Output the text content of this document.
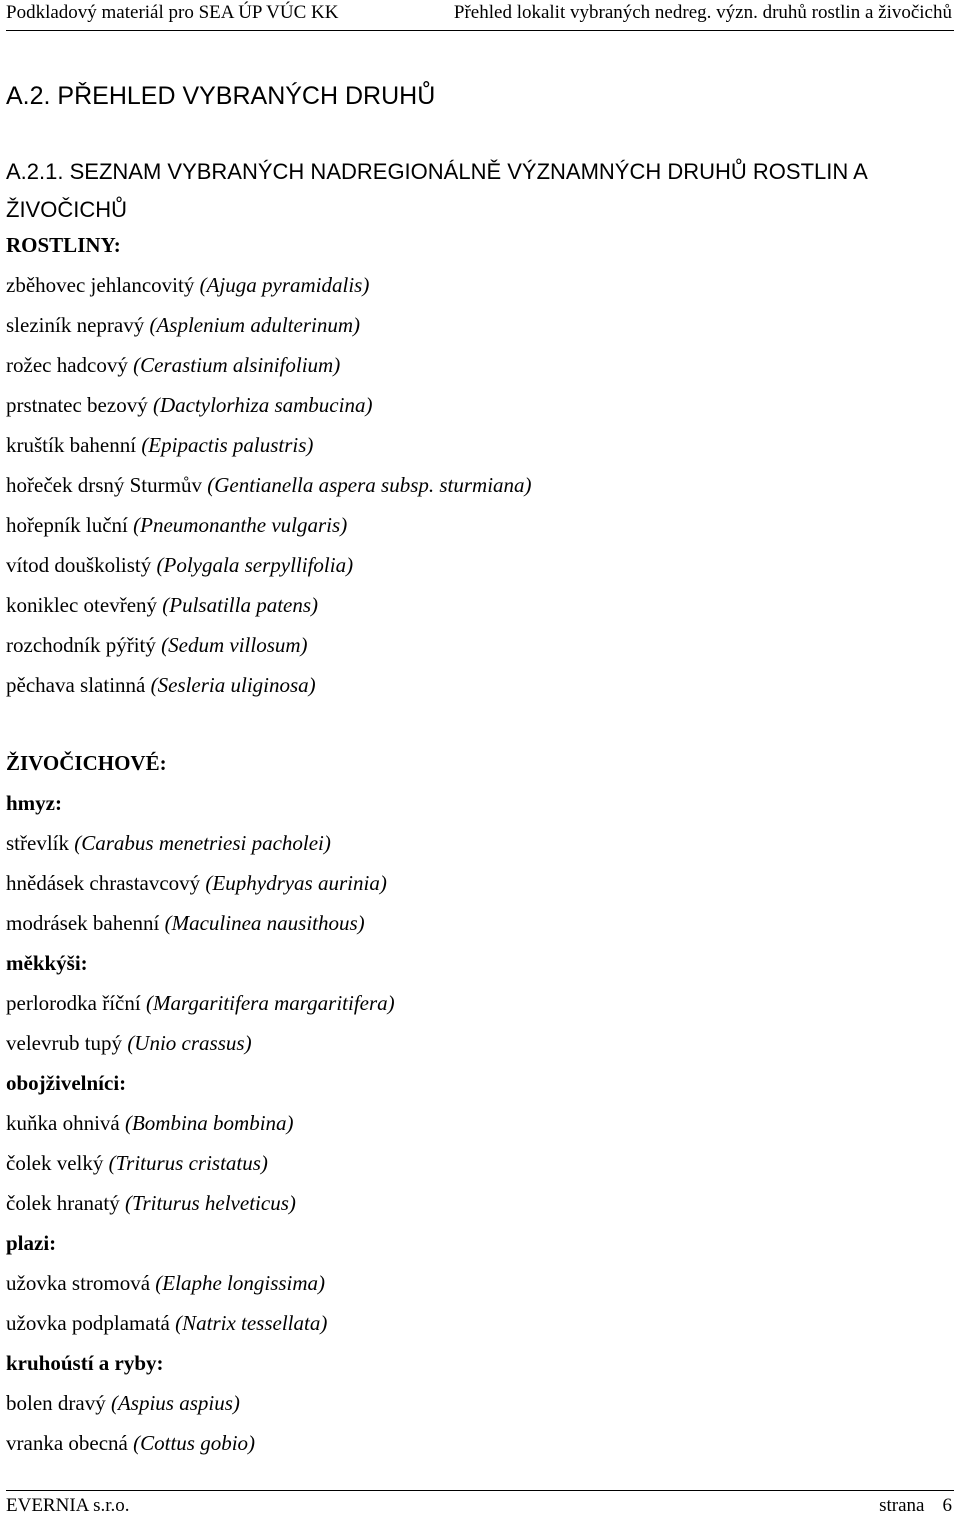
Podkladový materiál pro SEA ÚP VÚC KK	Přehled lokalit vybraných nedreg. význ. druhů rostlin a živočichů
A.2. PŘEHLED VYBRANÝCH DRUHŮ
A.2.1. SEZNAM VYBRANÝCH NADREGIONÁLNĚ VÝZNAMNÝCH DRUHŮ ROSTLIN A ŽIVOČICHŮ
ROSTLINY:
zběhovec jehlancovitý (Ajuga pyramidalis)
sleziník nepravý (Asplenium adulterinum)
rožec hadcový (Cerastium alsinifolium)
prstnatec bezový (Dactylorhiza sambucina)
kruštík bahenní (Epipactis palustris)
hořeček drsný Sturmův (Gentianella aspera subsp. sturmiana)
hořepník luční (Pneumonanthe vulgaris)
vítod douškolistý (Polygala serpyllifolia)
koniklec otevřený (Pulsatilla patens)
rozchodník pýřitý (Sedum villosum)
pěchava slatinná (Sesleria uliginosa)
ŽIVOČICHOVÉ:
hmyz:
střevlík (Carabus menetriesi pacholei)
hnědásek chrastavcový (Euphydryas aurinia)
modrásek bahenní (Maculinea nausithous)
měkkýši:
perlorodka říční (Margaritifera margaritifera)
velevrub tupý (Unio crassus)
obojživelníci:
kuňka ohnivá (Bombina bombina)
čolek velký (Triturus cristatus)
čolek hranatý (Triturus helveticus)
plazi:
užovka stromová (Elaphe longissima)
užovka podplamatá (Natrix tessellata)
kruhoústí a ryby:
bolen dravý (Aspius aspius)
vranka obecná (Cottus gobio)
EVERNIA s.r.o.	strana 6
